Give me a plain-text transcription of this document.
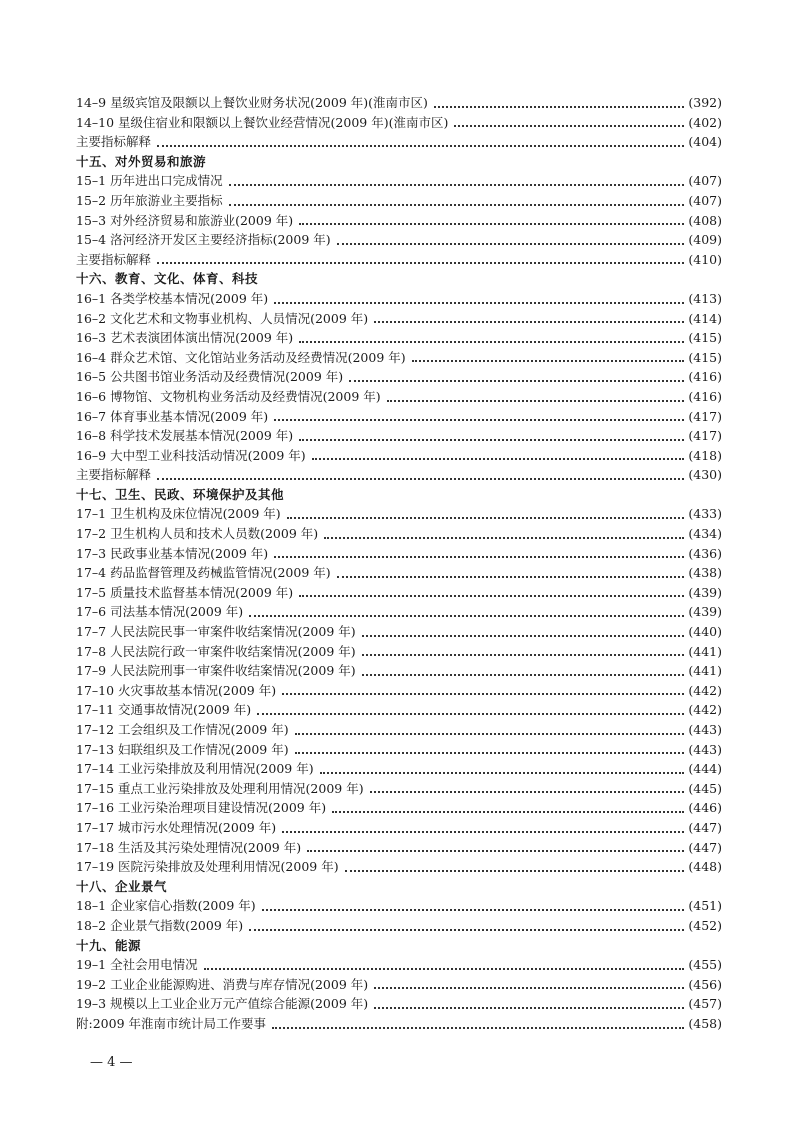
14–9 星级宾馆及限额以上餐饮业财务状况(2009 年)(淮南市区)	(392)
14–10 星级住宿业和限额以上餐饮业经营情况(2009 年)(淮南市区)	(402)
主要指标解释	(404)
十五、对外贸易和旅游
15–1 历年进出口完成情况	(407)
15–2 历年旅游业主要指标	(407)
15–3 对外经济贸易和旅游业(2009 年)	(408)
15–4 洛河经济开发区主要经济指标(2009 年)	(409)
主要指标解释	(410)
十六、教育、文化、体育、科技
16–1 各类学校基本情况(2009 年)	(413)
16–2 文化艺术和文物事业机构、人员情况(2009 年)	(414)
16–3 艺术表演团体演出情况(2009 年)	(415)
16–4 群众艺术馆、文化馆站业务活动及经费情况(2009 年)	(415)
16–5 公共图书馆业务活动及经费情况(2009 年)	(416)
16–6 博物馆、文物机构业务活动及经费情况(2009 年)	(416)
16–7 体育事业基本情况(2009 年)	(417)
16–8 科学技术发展基本情况(2009 年)	(417)
16–9 大中型工业科技活动情况(2009 年)	(418)
主要指标解释	(430)
十七、卫生、民政、环境保护及其他
17–1 卫生机构及床位情况(2009 年)	(433)
17–2 卫生机构人员和技术人员数(2009 年)	(434)
17–3 民政事业基本情况(2009 年)	(436)
17–4 药品监督管理及药械监管情况(2009 年)	(438)
17–5 质量技术监督基本情况(2009 年)	(439)
17–6 司法基本情况(2009 年)	(439)
17–7 人民法院民事一审案件收结案情况(2009 年)	(440)
17–8 人民法院行政一审案件收结案情况(2009 年)	(441)
17–9 人民法院刑事一审案件收结案情况(2009 年)	(441)
17–10 火灾事故基本情况(2009 年)	(442)
17–11 交通事故情况(2009 年)	(442)
17–12 工会组织及工作情况(2009 年)	(443)
17–13 妇联组织及工作情况(2009 年)	(443)
17–14 工业污染排放及利用情况(2009 年)	(444)
17–15 重点工业污染排放及处理利用情况(2009 年)	(445)
17–16 工业污染治理项目建设情况(2009 年)	(446)
17–17 城市污水处理情况(2009 年)	(447)
17–18 生活及其污染处理情况(2009 年)	(447)
17–19 医院污染排放及处理利用情况(2009 年)	(448)
十八、企业景气
18–1 企业家信心指数(2009 年)	(451)
18–2 企业景气指数(2009 年)	(452)
十九、能源
19–1 全社会用电情况	(455)
19–2 工业企业能源购进、消费与库存情况(2009 年)	(456)
19–3 规模以上工业企业万元产值综合能源(2009 年)	(457)
附:2009 年淮南市统计局工作要事	(458)
— 4 —
